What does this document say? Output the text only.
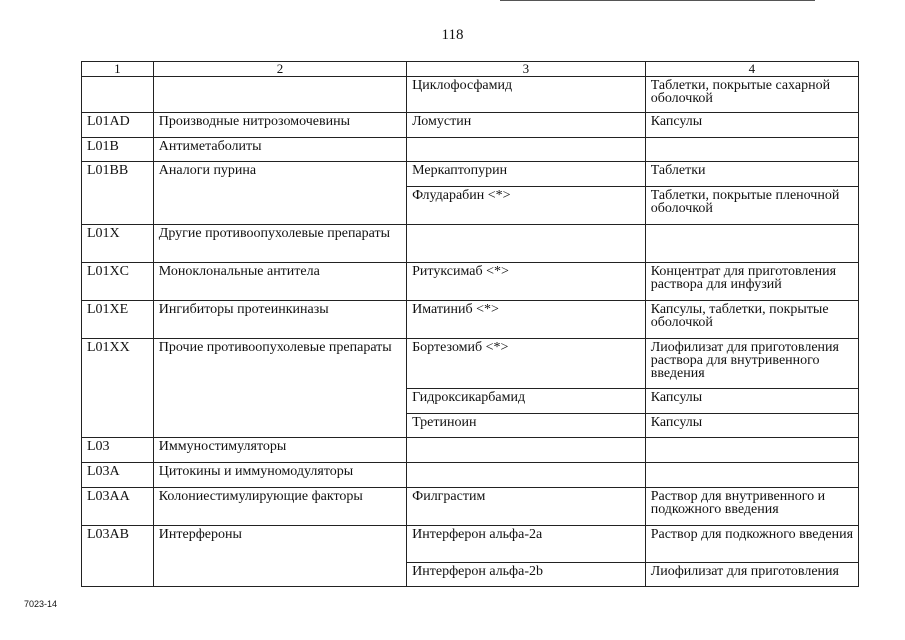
118
1	2	3	4
		Циклофосфамид	Таблетки, покрытые сахарной оболочкой
L01AD	Производные нитрозомочевины	Ломустин	Капсулы
L01B	Антиметаболиты		
L01BB	Аналоги пурина	Меркаптопурин	Таблетки
		Флударабин <*>	Таблетки, покрытые пленочной оболочкой
L01X	Другие противоопухолевые препараты		
L01XC	Моноклональные антитела	Ритуксимаб <*>	Концентрат для приготовления раствора для инфузий
L01XE	Ингибиторы протеинкиназы	Иматиниб <*>	Капсулы, таблетки, покрытые оболочкой
L01XX	Прочие противоопухолевые препараты	Бортезомиб <*>	Лиофилизат для приготовления раствора для внутривенного введения
		Гидроксикарбамид	Капсулы
		Третиноин	Капсулы
L03	Иммуностимуляторы		
L03A	Цитокины и иммуномодуляторы		
L03AA	Колониестимулирующие факторы	Филграстим	Раствор для внутривенного и подкожного введения
L03AB	Интерфероны	Интерферон альфа-2a	Раствор для подкожного введения
		Интерферон альфа-2b	Лиофилизат для приготовления
7023-14
